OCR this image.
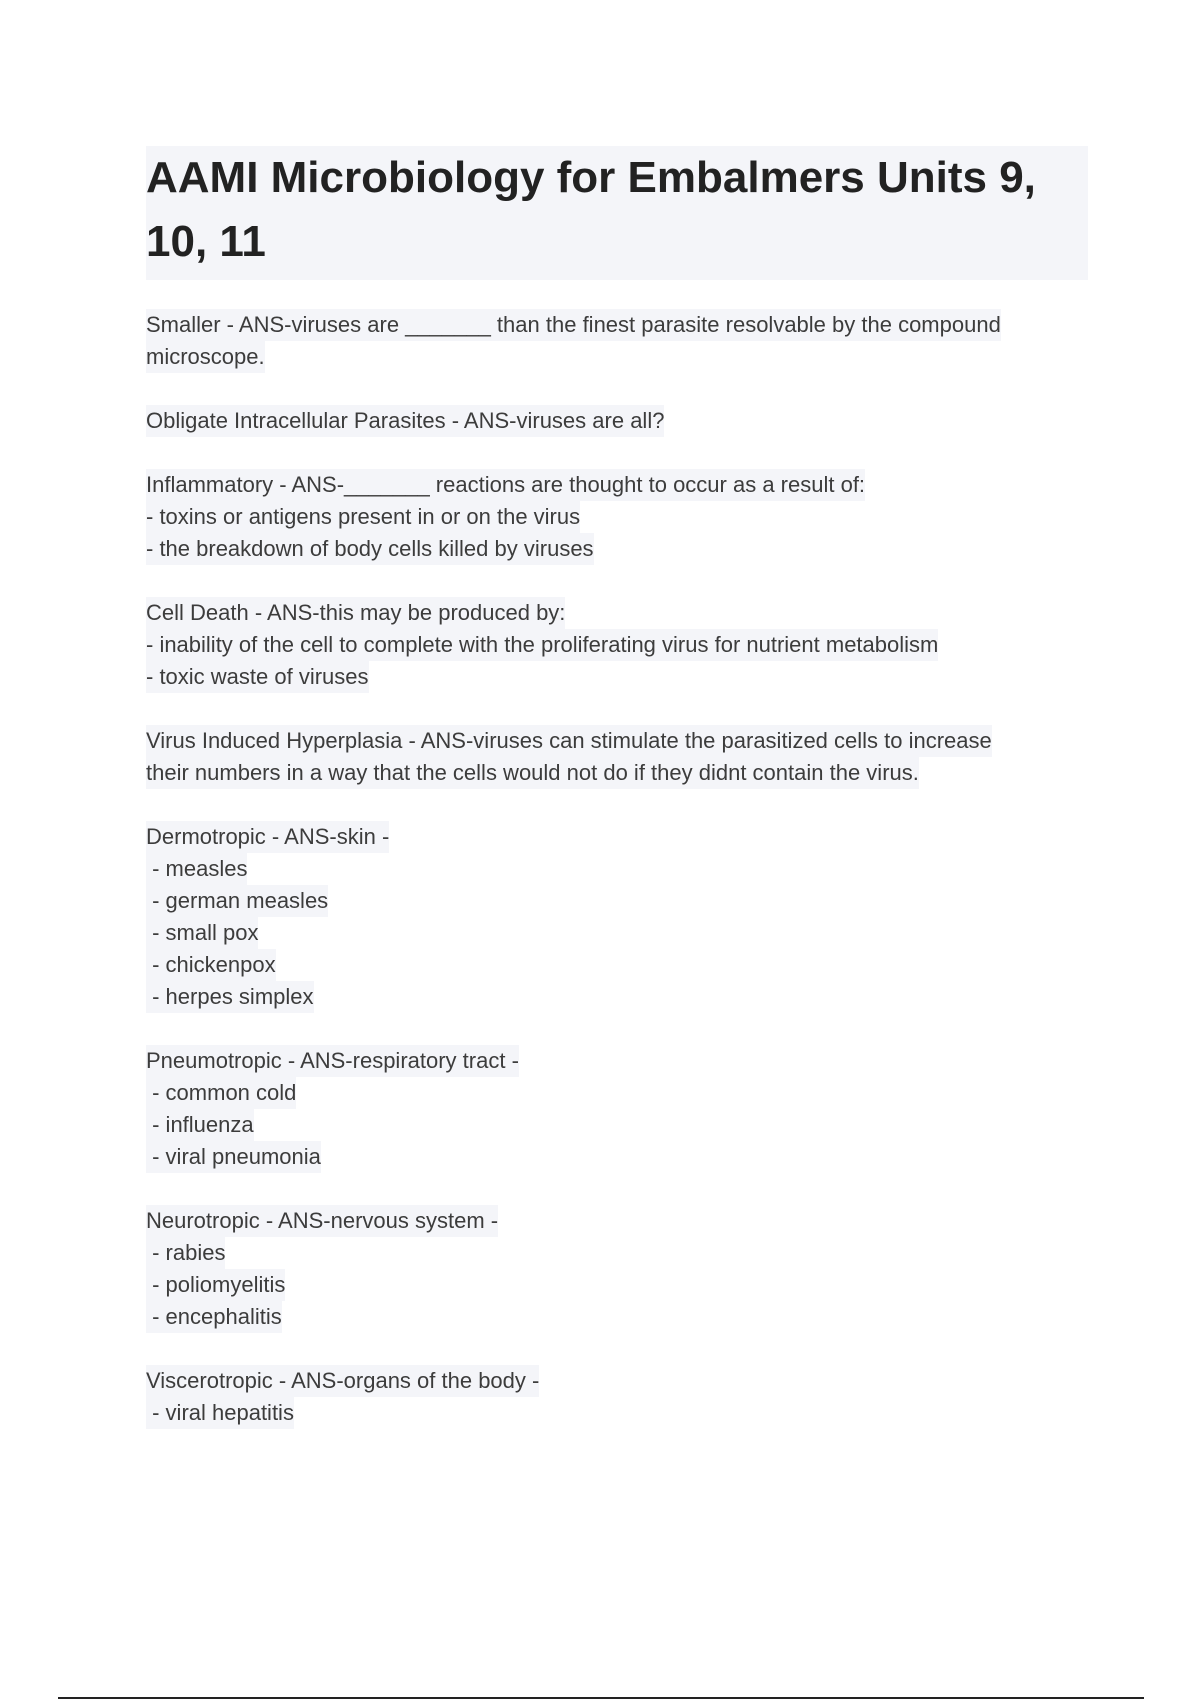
AAMI Microbiology for Embalmers Units 9, 10, 11
Smaller - ANS-viruses are _______ than the finest parasite resolvable by the compound
microscope.
Obligate Intracellular Parasites - ANS-viruses are all?
Inflammatory - ANS-_______ reactions are thought to occur as a result of:
- toxins or antigens present in or on the virus
- the breakdown of body cells killed by viruses
Cell Death - ANS-this may be produced by:
- inability of the cell to complete with the proliferating virus for nutrient metabolism
- toxic waste of viruses
Virus Induced Hyperplasia - ANS-viruses can stimulate the parasitized cells to increase
their numbers in a way that the cells would not do if they didnt contain the virus.
Dermotropic - ANS-skin -
- measles
- german measles
- small pox
- chickenpox
- herpes simplex
Pneumotropic - ANS-respiratory tract -
- common cold
- influenza
- viral pneumonia
Neurotropic - ANS-nervous system -
- rabies
- poliomyelitis
- encephalitis
Viscerotropic - ANS-organs of the body -
- viral hepatitis
